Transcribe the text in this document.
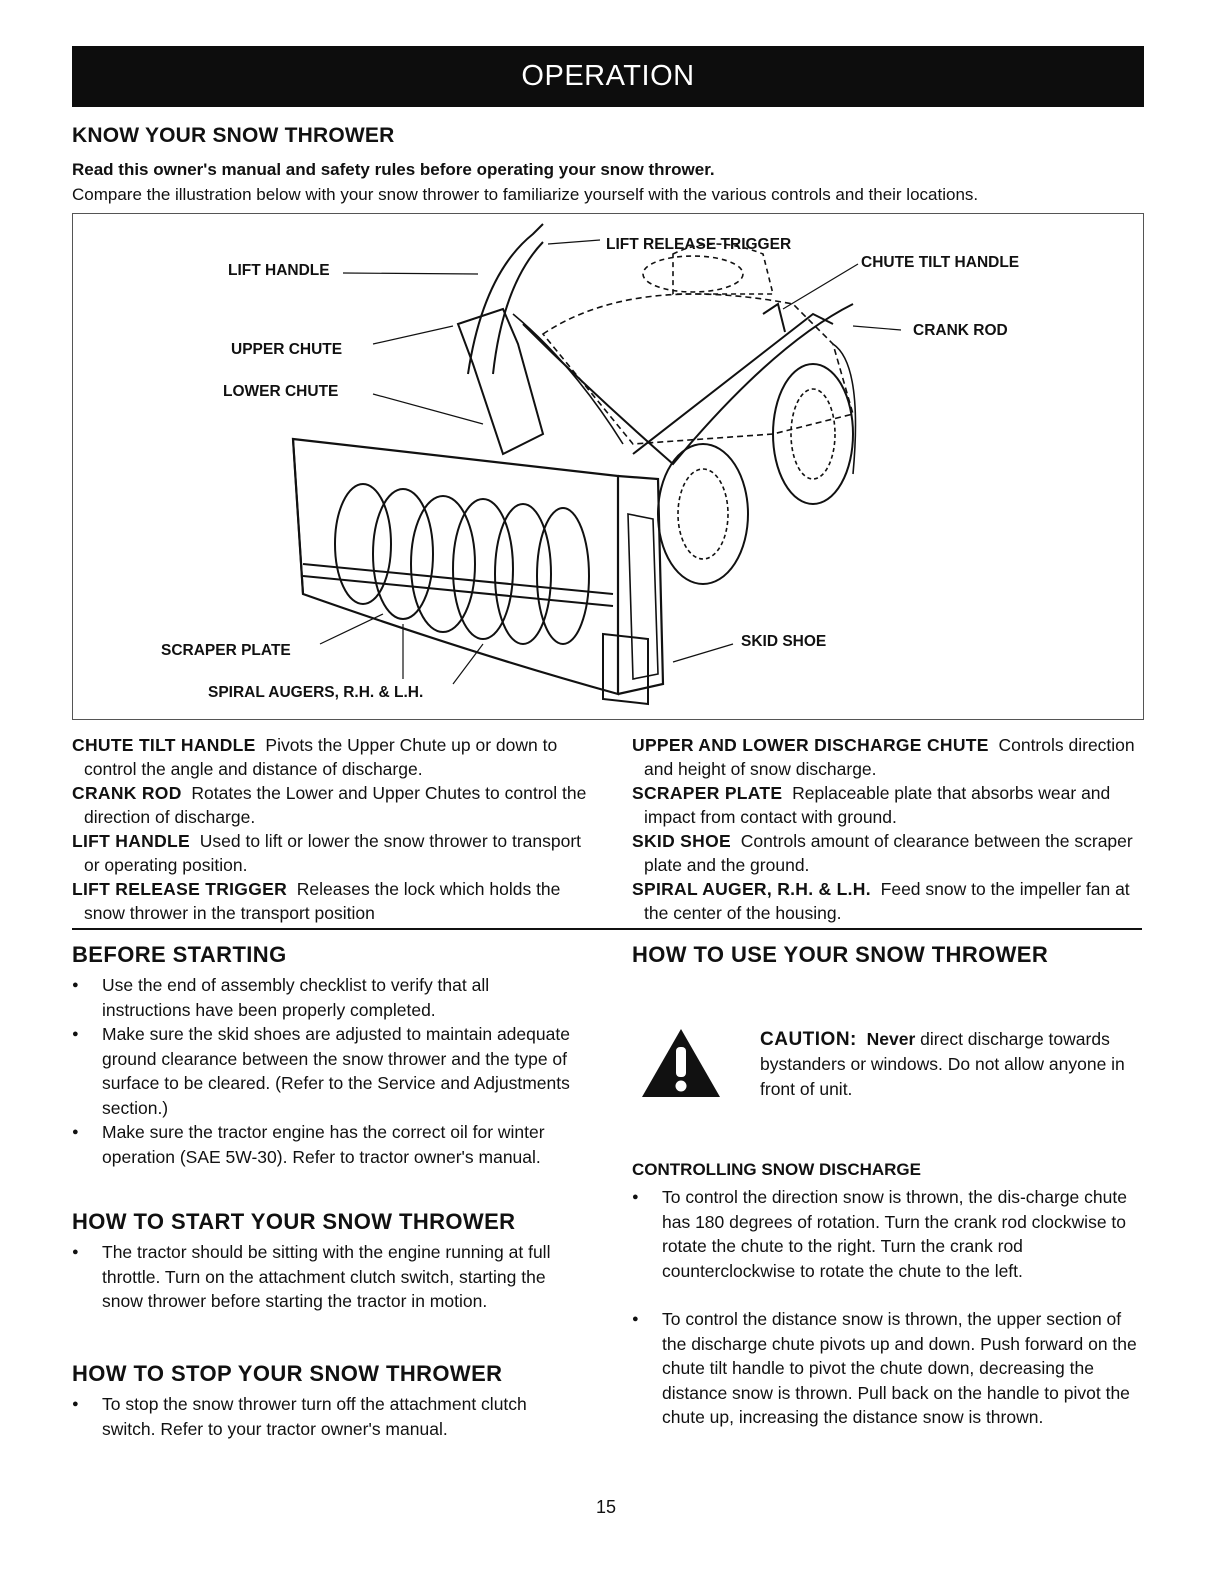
OPERATION
KNOW YOUR SNOW THROWER
Read this owner's manual and safety rules before operating your snow thrower.
Compare the illustration below with your snow thrower to familiarize yourself with the various controls and their locations.
LIFT HANDLE
LIFT RELEASE TRIGGER
CHUTE TILT HANDLE
CRANK ROD
UPPER CHUTE
LOWER CHUTE
SCRAPER PLATE
SKID SHOE
SPIRAL AUGERS, R.H. & L.H.
CHUTE TILT HANDLE Pivots the Upper Chute up or down to control the angle and distance of discharge.
CRANK ROD Rotates the Lower and Upper Chutes to control the direction of discharge.
LIFT HANDLE Used to lift or lower the snow thrower to transport or operating position.
LIFT RELEASE TRIGGER Releases the lock which holds the snow thrower in the transport position
UPPER AND LOWER DISCHARGE CHUTE Controls direction and height of snow discharge.
SCRAPER PLATE Replaceable plate that absorbs wear and impact from contact with ground.
SKID SHOE Controls amount of clearance between the scraper plate and the ground.
SPIRAL AUGER, R.H. & L.H. Feed snow to the impeller fan at the center of the housing.
BEFORE STARTING
● Use the end of assembly checklist to verify that all instructions have been properly completed.
● Make sure the skid shoes are adjusted to maintain adequate ground clearance between the snow thrower and the type of surface to be cleared. (Refer to the Service and Adjustments section.)
● Make sure the tractor engine has the correct oil for winter operation (SAE 5W-30). Refer to tractor owner's manual.
HOW TO START YOUR SNOW THROWER
● The tractor should be sitting with the engine running at full throttle. Turn on the attachment clutch switch, starting the snow thrower before starting the tractor in motion.
HOW TO STOP YOUR SNOW THROWER
● To stop the snow thrower turn off the attachment clutch switch. Refer to your tractor owner's manual.
HOW TO USE YOUR SNOW THROWER
CAUTION: Never direct discharge towards bystanders or windows. Do not allow anyone in front of unit.
CONTROLLING SNOW DISCHARGE
● To control the direction snow is thrown, the dis-charge chute has 180 degrees of rotation. Turn the crank rod clockwise to rotate the chute to the right. Turn the crank rod counterclockwise to rotate the chute to the left.
● To control the distance snow is thrown, the upper section of the discharge chute pivots up and down. Push forward on the chute tilt handle to pivot the chute down, decreasing the distance snow is thrown. Pull back on the handle to pivot the chute up, increasing the distance snow is thrown.
15
